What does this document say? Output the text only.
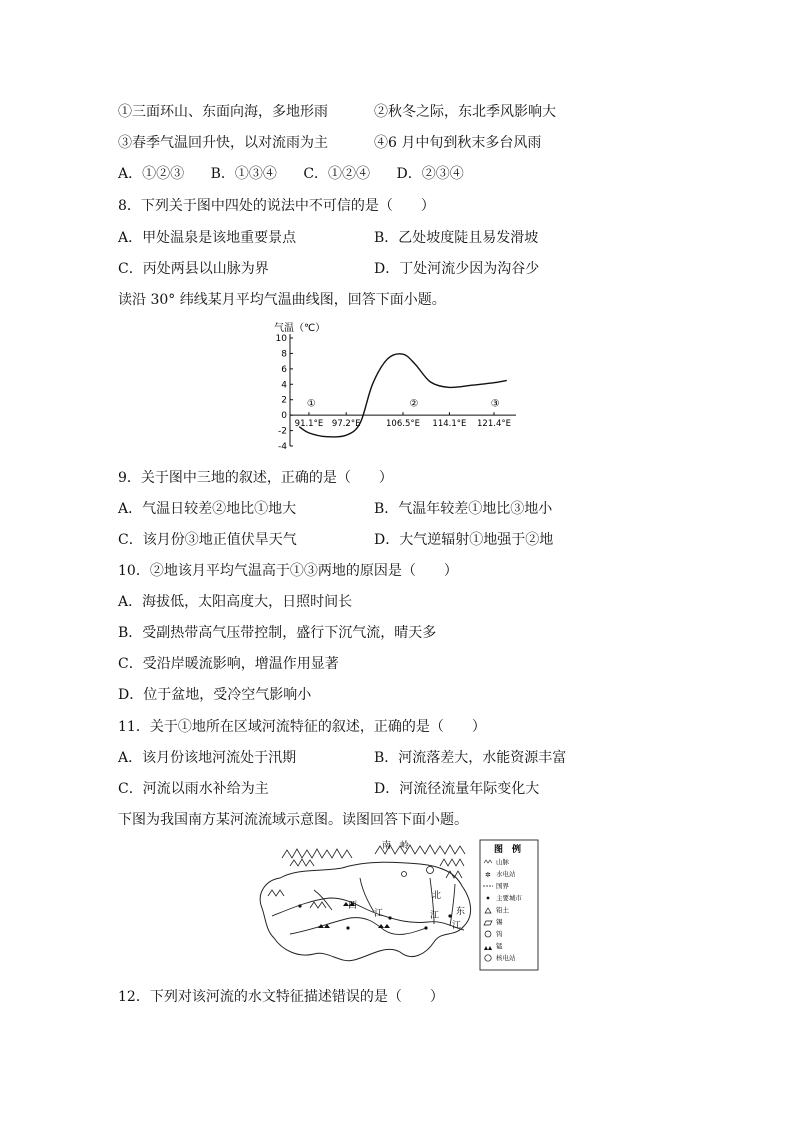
①三面环山、东面向海，多地形雨	②秋冬之际，东北季风影响大
③春季气温回升快，以对流雨为主	④6 月中旬到秋末多台风雨
A．①②③ B．①③④ C．①②④ D．②③④
8．下列关于图中四处的说法中不可信的是（　　）
A．甲处温泉是该地重要景点	B．乙处坡度陡且易发滑坡
C．丙处两县以山脉为界	D．丁处河流少因为沟谷少
读沿 30° 纬线某月平均气温曲线图，回答下面小题。
气温（℃）
10
8
6
4
2
0
-2
-4
91.1°E 97.2°E	106.5°E 114.1°E 121.4°E
①	②	③
9．关于图中三地的叙述，正确的是（　　）
A．气温日较差②地比①地大	B．气温年较差①地比③地小
C．该月份③地正值伏旱天气	D．大气逆辐射①地强于②地
10．②地该月平均气温高于①③两地的原因是（　　）
A．海拔低，太阳高度大，日照时间长
B．受副热带高气压带控制，盛行下沉气流，晴天多
C．受沿岸暖流影响，增温作用显著
D．位于盆地，受冷空气影响小
11．关于①地所在区域河流特征的叙述，正确的是（　　）
A．该月份该地河流处于汛期	B．河流落差大，水能资源丰富
C．河流以雨水补给为主	D．河流径流量年际变化大
下图为我国南方某河流流域示意图。读图回答下面小题。
南　岭
西
江
北
江 东
江
图　例
山脉
✲ 水电站
国界
主要城市
铅土
锡
钨
锰
核电站
12．下列对该河流的水文特征描述错误的是（　　）
